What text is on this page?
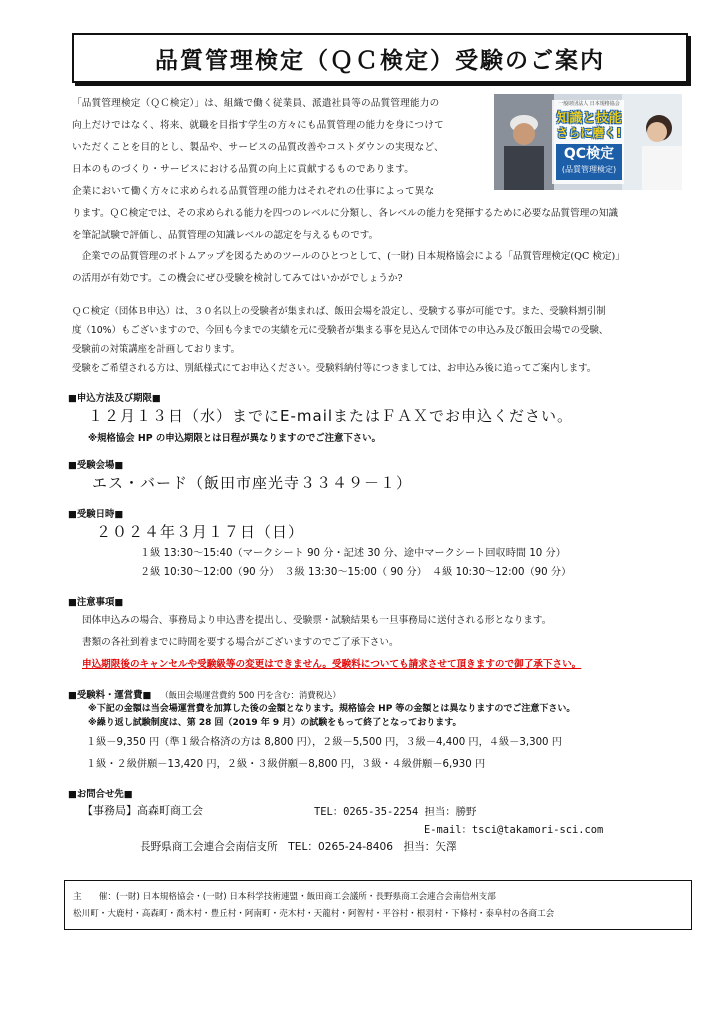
品質管理検定（ＱＣ検定）受験のご案内
「品質管理検定（ＱＣ検定）」は、組織で働く従業員、派遣社員等の品質管理能力の
向上だけではなく、将来、就職を目指す学生の方々にも品質管理の能力を身につけて
いただくことを目的とし、製品や、サービスの品質改善やコストダウンの実現など、
日本のものづくり・サービスにおける品質の向上に貢献するものであります。
企業において働く方々に求められる品質管理の能力はそれぞれの仕事によって異な
ります。ＱＣ検定では、その求められる能力を四つのレベルに分類し、各レベルの能力を発揮するために必要な品質管理の知識
を筆記試験で評価し、品質管理の知識レベルの認定を与えるものです。
　企業での品質管理のボトムアップを図るためのツールのひとつとして、(一財) 日本規格協会による「品質管理検定(QC 検定)」
の活用が有効です。この機会にぜひ受験を検討してみてはいかがでしょうか?
一般財団法人 日本規格協会
知識と技能
さらに磨く!
QC検定
(品質管理検定)
ＱＣ検定（団体Ｂ申込）は、３０名以上の受験者が集まれば、飯田会場を設定し、受験する事が可能です。また、受験料割引制
度（10%）もございますので、今回も今までの実績を元に受験者が集まる事を見込んで団体での申込み及び飯田会場での受験、
受験前の対策講座を計画しております。
受験をご希望される方は、別紙様式にてお申込ください。受験料納付等につきましては、お申込み後に追ってご案内します。
■申込方法及び期限■
１２月１３日（水）までにE-mailまたはＦＡＸでお申込ください。
※規格協会 HP の申込期限とは日程が異なりますのでご注意下さい。
■受験会場■
エス・バード（飯田市座光寺３３４９－１）
■受験日時■
２０２４年３月１７日（日）
１級 13:30～15:40（マークシート 90 分・記述 30 分、途中マークシート回収時間 10 分）
２級 10:30～12:00（90 分）　３級 13:30～15:00（ 90 分）　４級 10:30～12:00（90 分）
■注意事項■
団体申込みの場合、事務局より申込書を提出し、受験票・試験結果も一旦事務局に送付される形となります。
書類の各社到着までに時間を要する場合がございますのでご了承下さい。
申込期限後のキャンセルや受験級等の変更はできません。受験料についても請求させて頂きますので御了承下さい。
■受験料・運営費■ （飯田会場運営費約 500 円を含む：消費税込）
※下記の金額は当会場運営費を加算した後の金額となります。規格協会 HP 等の金額とは異なりますのでご注意下さい。
※繰り返し試験制度は、第 28 回（2019 年 9 月）の試験をもって終了となっております。
１級－9,350 円（準１級合格済の方は 8,800 円），２級－5,500 円，３級－4,400 円，４級－3,300 円
１級・２級併願－13,420 円，２級・３級併願－8,800 円，３級・４級併願－6,930 円
■お問合せ先■
【事務局】高森町商工会	TEL：0265-35-2254 担当：勝野
E-mail：tsci@takamori-sci.com
長野県商工会連合会南信支所　TEL：0265-24-8406　担当：矢澤
主　　催：(一財) 日本規格協会・(一財) 日本科学技術連盟・飯田商工会議所・長野県商工会連合会南信州支部
松川町・大鹿村・高森町・喬木村・豊丘村・阿南町・売木村・天龍村・阿智村・平谷村・根羽村・下條村・泰阜村の各商工会
